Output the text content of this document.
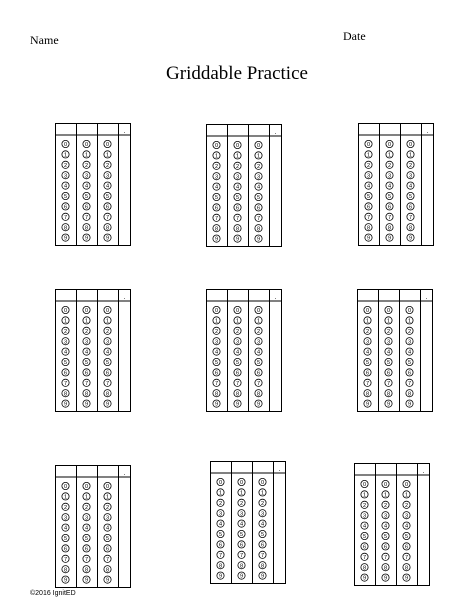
Name	Date
Griddable Practice
.
0
1
2
3
4
5
6
7
8
9
0
1
2
3
4
5
6
7
8
9
0
1
2
3
4
5
6
7
8
9
.
0
1
2
3
4
5
6
7
8
9
0
1
2
3
4
5
6
7
8
9
0
1
2
3
4
5
6
7
8
9
.
0
1
2
3
4
5
6
7
8
9
0
1
2
3
4
5
6
7
8
9
0
1
2
3
4
5
6
7
8
9
.
0
1
2
3
4
5
6
7
8
9
0
1
2
3
4
5
6
7
8
9
0
1
2
3
4
5
6
7
8
9
.
0
1
2
3
4
5
6
7
8
9
0
1
2
3
4
5
6
7
8
9
0
1
2
3
4
5
6
7
8
9
.
0
1
2
3
4
5
6
7
8
9
0
1
2
3
4
5
6
7
8
9
0
1
2
3
4
5
6
7
8
9
.
0
1
2
3
4
5
6
7
8
9
0
1
2
3
4
5
6
7
8
9
0
1
2
3
4
5
6
7
8
9
.
0
1
2
3
4
5
6
7
8
9
0
1
2
3
4
5
6
7
8
9
0
1
2
3
4
5
6
7
8
9
.
0
1
2
3
4
5
6
7
8
9
0
1
2
3
4
5
6
7
8
9
0
1
2
3
4
5
6
7
8
9
©2016 IgnitED
